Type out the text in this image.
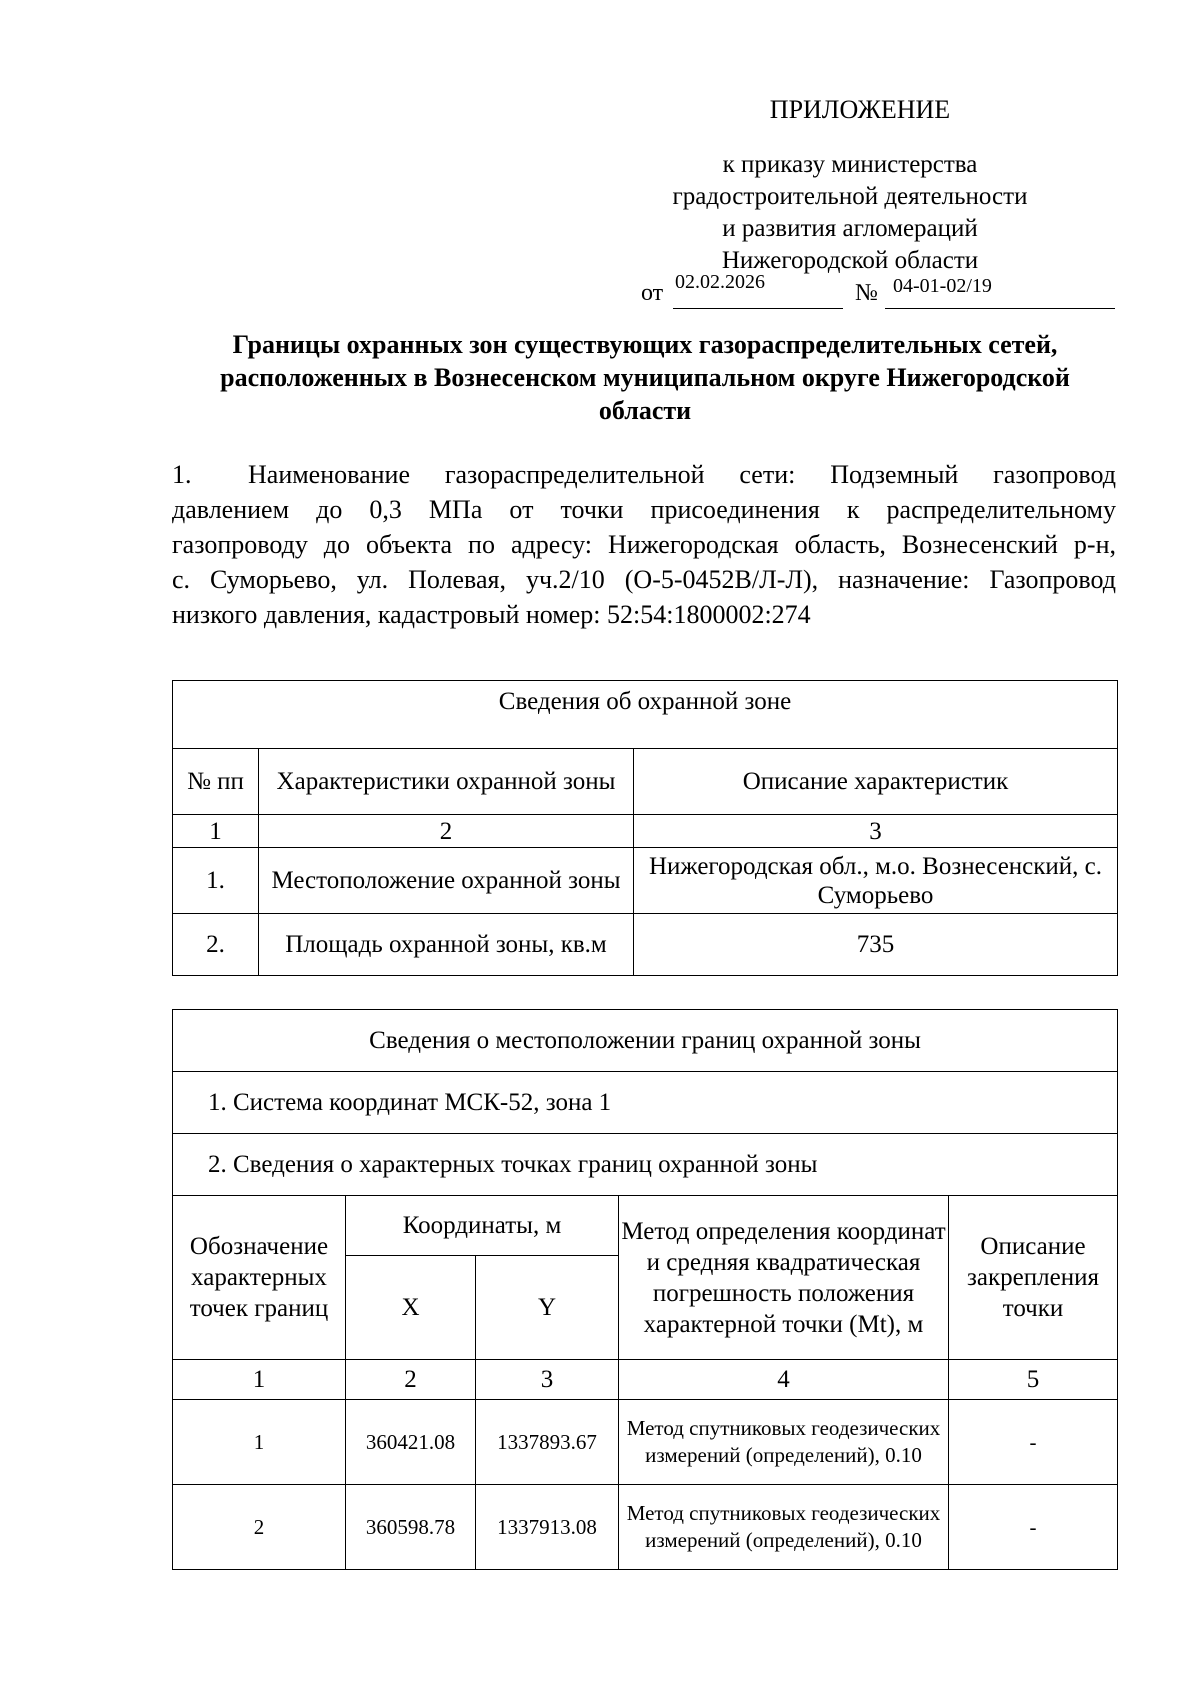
ПРИЛОЖЕНИЕ
к приказу министерства
градостроительной деятельности
и развития агломераций
Нижегородской области
от 02.02.2026	№ 04-01-02/19
Границы охранных зон существующих газораспределительных сетей,
расположенных в Вознесенском муниципальном округе Нижегородской
области
1. Наименование газораспределительной сети: Подземный газопровод
давлением до 0,3 МПа от точки присоединения к распределительному
газопроводу до объекта по адресу: Нижегородская область, Вознесенский р-н,
с. Суморьево, ул. Полевая, уч.2/10 (О-5-0452В/Л-Л), назначение: Газопровод
низкого давления, кадастровый номер: 52:54:1800002:274
Сведения об охранной зоне		
№ пп	Характеристики охранной зоны	Описание характеристик
1	2	3
1.	Местоположение охранной зоны	Нижегородская обл., м.о. Вознесенский, с. Суморьево
2.	Площадь охранной зоны, кв.м	735
Сведения о местоположении границ охранной зоны				
1. Система координат МСК-52, зона 1				
2. Сведения о характерных точках границ охранной зоны				
Обозначение характерных точек границ	Координаты, м		Метод определения координат и средняя квадратическая погрешность положения характерной точки (Mt), м	Описание закрепления точки
	X	Y		
1	2	3	4	5
1	360421.08	1337893.67	Метод спутниковых геодезических измерений (определений), 0.10	-
2	360598.78	1337913.08	Метод спутниковых геодезических измерений (определений), 0.10	-
